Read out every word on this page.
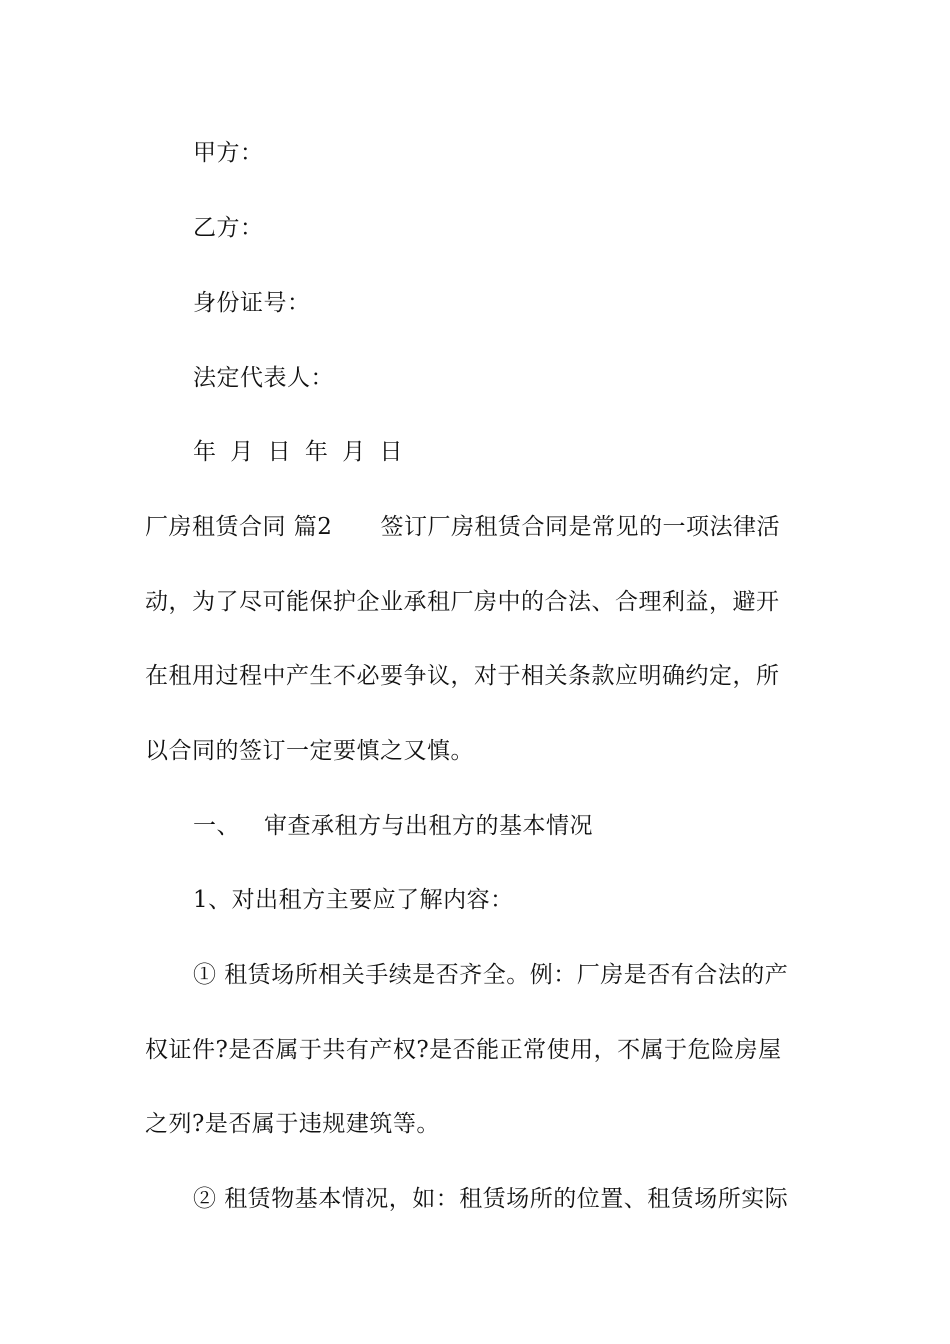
甲方：
乙方：
身份证号：
法定代表人：
年 月 日 年 月 日
厂房租赁合同 篇2 签订厂房租赁合同是常见的一项法律活
动，为了尽可能保护企业承租厂房中的合法、合理利益，避开
在租用过程中产生不必要争议，对于相关条款应明确约定，所
以合同的签订一定要慎之又慎。
一、 审查承租方与出租方的基本情况
1、对出租方主要应了解内容：
① 租赁场所相关手续是否齐全。例：厂房是否有合法的产
权证件?是否属于共有产权?是否能正常使用，不属于危险房屋
之列?是否属于违规建筑等。
② 租赁物基本情况，如：租赁场所的位置、租赁场所实际
